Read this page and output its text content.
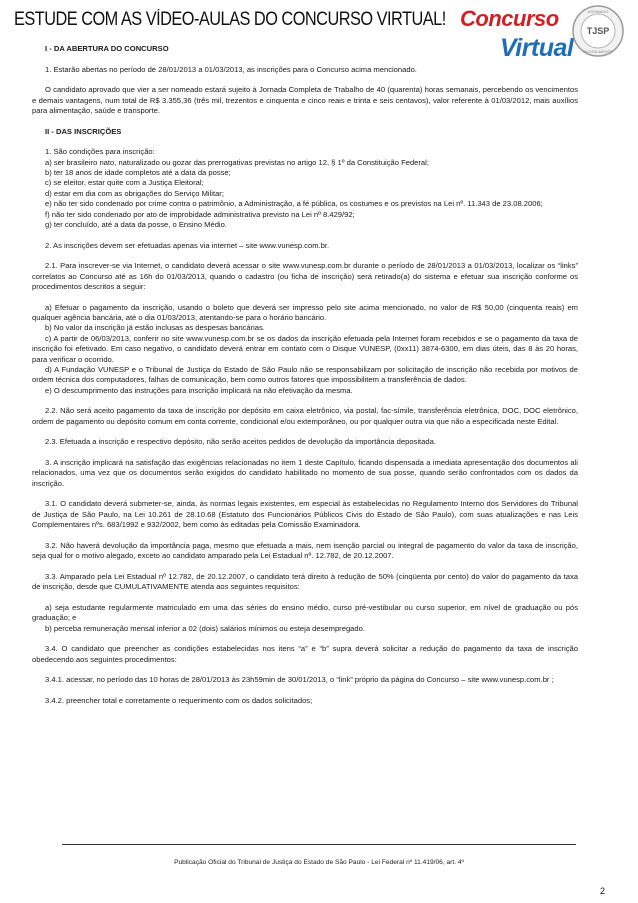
ESTUDE COM AS VÍDEO-AULAS DO CONCURSO VIRTUAL! Concurso
Virtual
TJSP
ASSINADO
DIGITALMENTE
I - DA ABERTURA DO CONCURSO

1. Estarão abertas no período de 28/01/2013 a 01/03/2013, as inscrições para o Concurso acima mencionado.

O candidato aprovado que vier a ser nomeado estará sujeito à Jornada Completa de Trabalho de 40 (quarenta) horas semanais, percebendo os vencimentos e demais vantagens, num total de R$ 3.355,36 (três mil, trezentos e cinquenta e cinco reais e trinta e seis centavos), valor referente à 01/03/2012, mais auxílios para alimentação, saúde e transporte.

II - DAS INSCRIÇÕES

1. São condições para inscrição:

a) ser brasileiro nato, naturalizado ou gozar das prerrogativas previstas no artigo 12, § 1º da Constituição Federal;

b) ter 18 anos de idade completos até a data da posse;

c) se eleitor, estar quite com a Justiça Eleitoral;

d) estar em dia com as obrigações do Serviço Militar;

e) não ter sido condenado por crime contra o patrimônio, a Administração, a fé pública, os costumes e os previstos na Lei nº. 11.343 de 23.08.2006;

f) não ter sido condenado por ato de improbidade administrativa previsto na Lei nº 8.429/92;

g) ter concluído, até a data da posse, o Ensino Médio.

2. As inscrições devem ser efetuadas apenas via internet – site www.vunesp.com.br.

2.1. Para inscrever-se via Internet, o candidato deverá acessar o site www.vunesp.com.br durante o período de 28/01/2013 a 01/03/2013, localizar os “links” correlatos ao Concurso até as 16h do 01/03/2013, quando o cadastro (ou ficha de inscrição) será retirado(a) do sistema e efetuar sua inscrição conforme os procedimentos descritos a seguir:

a) Efetuar o pagamento da inscrição, usando o boleto que deverá ser impresso pelo site acima mencionado, no valor de R$ 50,00 (cinquenta reais) em qualquer agência bancária, até o dia 01/03/2013, atentando-se para o horário bancário.

b) No valor da inscrição já estão inclusas as despesas bancárias.

c) A partir de 06/03/2013, conferir no site www.vunesp.com.br se os dados da inscrição efetuada pela Internet foram recebidos e se o pagamento da taxa de inscrição foi efetivado. Em caso negativo, o candidato deverá entrar em contato com o Disque VUNESP, (0xx11) 3874-6300, em dias úteis, das 8 às 20 horas, para verificar o ocorrido.

d) A Fundação VUNESP e o Tribunal de Justiça do Estado de São Paulo não se responsabilizam por solicitação de inscrição não recebida por motivos de ordem técnica dos computadores, falhas de comunicação, bem como outros fatores que impossibilitem a transferência de dados.

e) O descumprimento das instruções para inscrição implicará na não efetivação da mesma.

2.2. Não será aceito pagamento da taxa de inscrição por depósito em caixa eletrônico, via postal, fac-símile, transferência eletrônica, DOC, DOC eletrônico, ordem de pagamento ou depósito comum em conta corrente, condicional e/ou extemporâneo, ou por qualquer outra via que não a especificada neste Edital.

2.3. Efetuada a inscrição e respectivo depósito, não serão aceitos pedidos de devolução da importância depositada.

3. A inscrição implicará na satisfação das exigências relacionadas no item 1 deste Capítulo, ficando dispensada a imediata apresentação dos documentos ali relacionados, uma vez que os documentos serão exigidos do candidato habilitado no momento de sua posse, quando serão confrontados com os dados da inscrição.

3.1. O candidato deverá submeter-se, ainda, às normas legais existentes, em especial às estabelecidas no Regulamento Interno dos Servidores do Tribunal de Justiça de São Paulo, na Lei 10.261 de 28.10.68 (Estatuto dos Funcionários Públicos Civis do Estado de São Paulo), com suas atualizações e nas Leis Complementares nºs. 683/1992 e 932/2002, bem como às editadas pela Comissão Examinadora.

3.2. Não haverá devolução da importância paga, mesmo que efetuada a mais, nem isenção parcial ou integral de pagamento do valor da taxa de inscrição, seja qual for o motivo alegado, exceto ao candidato amparado pela Lei Estadual nº. 12.782, de 20.12.2007.

3.3. Amparado pela Lei Estadual nº 12.782, de 20.12.2007, o candidato terá direito à redução de 50% (cinqüenta por cento) do valor do pagamento da taxa de inscrição, desde que CUMULATIVAMENTE atenda aos seguintes requisitos:

a) seja estudante regularmente matriculado em uma das séries do ensino médio, curso pré-vestibular ou curso superior, em nível de graduação ou pós graduação; e

b) perceba remuneração mensal inferior a 02 (dois) salários mínimos ou esteja desempregado.

3.4. O candidato que preencher as condições estabelecidas nos itens “a” e “b” supra deverá solicitar a redução do pagamento da taxa de inscrição obedecendo aos seguintes procedimentos:

3.4.1. acessar, no período das 10 horas de 28/01/2013 às 23h59min de 30/01/2013, o “link” próprio da página do Concurso – site www.vunesp.com.br ;

3.4.2. preencher total e corretamente o requerimento com os dados solicitados;

Publicação Oficial do Tribunal de Justiça do Estado de São Paulo - Lei Federal nº 11.419/06, art. 4º
2
